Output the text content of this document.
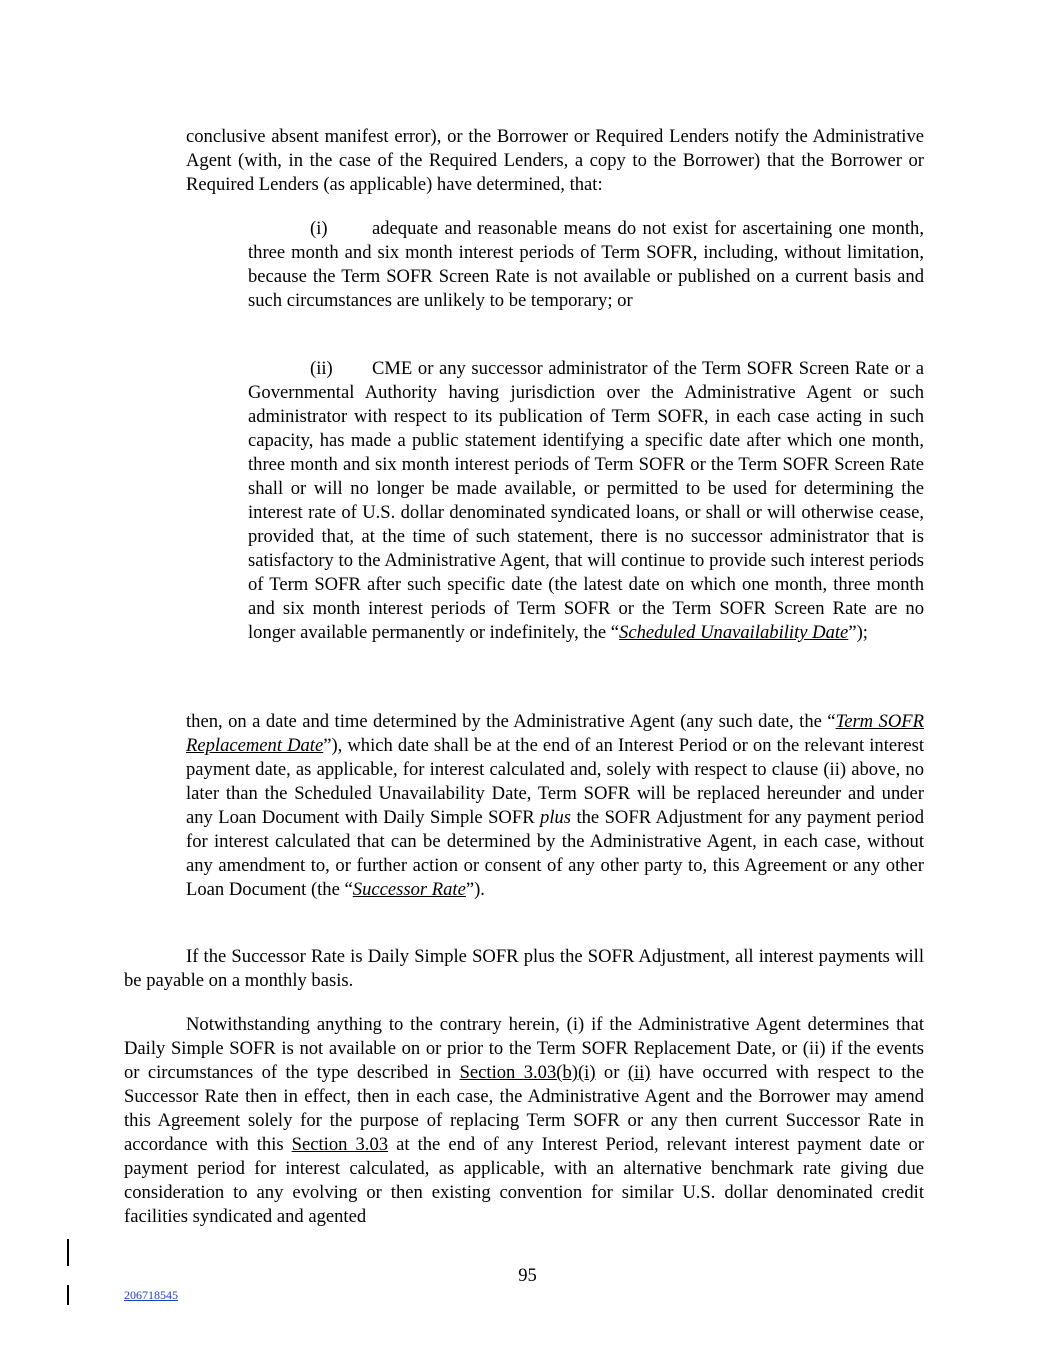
conclusive absent manifest error), or the Borrower or Required Lenders notify the Administrative Agent (with, in the case of the Required Lenders, a copy to the Borrower) that the Borrower or Required Lenders (as applicable) have determined, that:

(i) adequate and reasonable means do not exist for ascertaining one month, three month and six month interest periods of Term SOFR, including, without limitation, because the Term SOFR Screen Rate is not available or published on a current basis and such circumstances are unlikely to be temporary; or

(ii) CME or any successor administrator of the Term SOFR Screen Rate or a Governmental Authority having jurisdiction over the Administrative Agent or such administrator with respect to its publication of Term SOFR, in each case acting in such capacity, has made a public statement identifying a specific date after which one month, three month and six month interest periods of Term SOFR or the Term SOFR Screen Rate shall or will no longer be made available, or permitted to be used for determining the interest rate of U.S. dollar denominated syndicated loans, or shall or will otherwise cease, provided that, at the time of such statement, there is no successor administrator that is satisfactory to the Administrative Agent, that will continue to provide such interest periods of Term SOFR after such specific date (the latest date on which one month, three month and six month interest periods of Term SOFR or the Term SOFR Screen Rate are no longer available permanently or indefinitely, the “Scheduled Unavailability Date”);

then, on a date and time determined by the Administrative Agent (any such date, the “Term SOFR Replacement Date”), which date shall be at the end of an Interest Period or on the relevant interest payment date, as applicable, for interest calculated and, solely with respect to clause (ii) above, no later than the Scheduled Unavailability Date, Term SOFR will be replaced hereunder and under any Loan Document with Daily Simple SOFR plus the SOFR Adjustment for any payment period for interest calculated that can be determined by the Administrative Agent, in each case, without any amendment to, or further action or consent of any other party to, this Agreement or any other Loan Document (the “Successor Rate”).

If the Successor Rate is Daily Simple SOFR plus the SOFR Adjustment, all interest payments will be payable on a monthly basis.

Notwithstanding anything to the contrary herein, (i) if the Administrative Agent determines that Daily Simple SOFR is not available on or prior to the Term SOFR Replacement Date, or (ii) if the events or circumstances of the type described in Section 3.03(b)(i) or (ii) have occurred with respect to the Successor Rate then in effect, then in each case, the Administrative Agent and the Borrower may amend this Agreement solely for the purpose of replacing Term SOFR or any then current Successor Rate in accordance with this Section 3.03 at the end of any Interest Period, relevant interest payment date or payment period for interest calculated, as applicable, with an alternative benchmark rate giving due consideration to any evolving or then existing convention for similar U.S. dollar denominated credit facilities syndicated and agented

95
206718545
